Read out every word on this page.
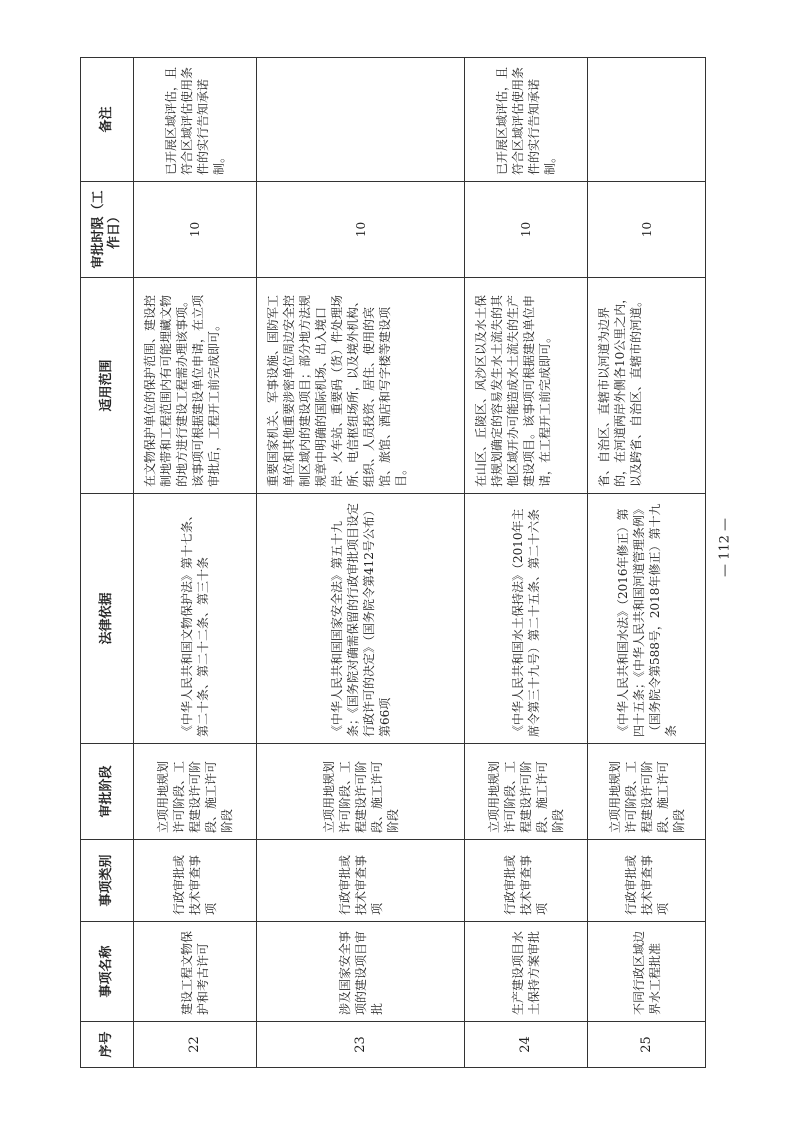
序号	事项名称	事项类别	审批阶段	法律依据	适用范围	审批时限（工作日）	备注
22	建设工程文物保护和考古许可	行政审批或技术审查事项	立项用地规划许可阶段、工程建设许可阶段、施工许可阶段	《中华人民共和国文物保护法》第十七条、第二十条、第二十二条、第三十条	在文物保护单位的保护范围、建设控制地带和工程范围内有可能埋藏文物的地方进行建设工程需办理该事项。该事项可根据建设单位申请，在立项审批后，工程开工前完成即可。	10	已开展区域评估，且符合区域评估使用条件的实行告知承诺制。
23	涉及国家安全事项的建设项目审批	行政审批或技术审查事项	立项用地规划许可阶段、工程建设许可阶段、施工许可阶段	《中华人民共和国国家安全法》第五十九条；《国务院对确需保留的行政审批项目设定行政许可的决定》（国务院令第412号公布）第66项	重要国家机关、军事设施、国防军工单位和其他重要涉密单位周边安全控制区域内的建设项目；部分地方法规规章中明确的国际机场、出入境口岸、火车站、重要码（货）件处理场所、电信枢纽场所，以及境外机构、组织、人员投资、居住、使用的宾馆、旅馆、酒店和写字楼等建设项目。	10	
24	生产建设项目水土保持方案审批	行政审批或技术审查事项	立项用地规划许可阶段、工程建设许可阶段、施工许可阶段	《中华人民共和国水土保持法》（2010年主席令第三十九号）第二十五条、第二十六条	在山区、丘陵区、风沙区以及水土保持规划确定的容易发生水土流失的其他区域开办可能造成水土流失的生产建设项目。该事项可根据建设单位申请，在工程开工前完成即可。	10	已开展区域评估，且符合区域评估使用条件的实行告知承诺制。
25	不同行政区域边界水工程批准	行政审批或技术审查事项	立项用地规划许可阶段、工程建设许可阶段、施工许可阶段	《中华人民共和国水法》（2016年修正）第四十五条；《中华人民共和国河道管理条例》（国务院令第588号，2018年修正）第十九条	省、自治区、直辖市以河道为边界的，在河道两岸外侧各10公里之内，以及跨省、自治区、直辖市的河道。	10	
— 112 —
